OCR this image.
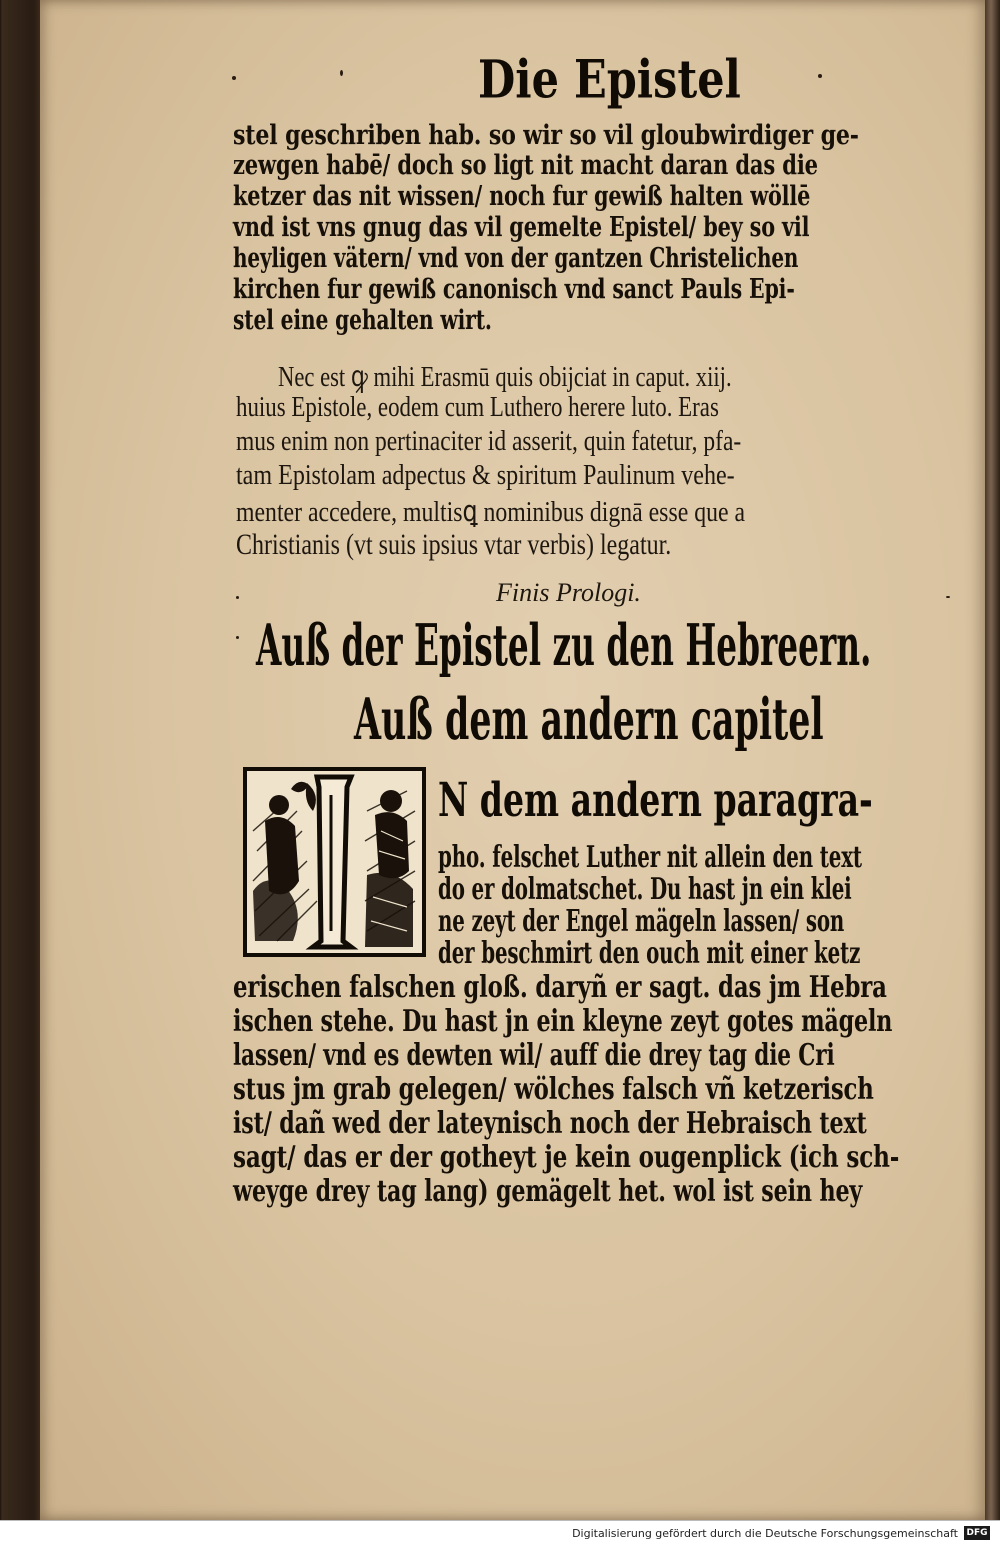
Die Epistel
stel geschriben hab. so wir so vil gloubwirdiger ge-
zewgen habē/ doch so ligt nit macht daran das die
ketzer das nit wissen/ noch fur gewiß halten wöllē
vnd ist vns gnug das vil gemelte Epistel/ bey so vil
heyligen vätern/ vnd von der gantzen Christelichen
kirchen fur gewiß canonisch vnd sanct Pauls Epi-
stel eine gehalten wirt.
Nec est ꝙ mihi Erasmū quis obijciat in caput. xiij.
huius Epistole, eodem cum Luthero herere luto. Eras
mus enim non pertinaciter id asserit, quin fatetur, pfa-
tam Epistolam adpectus & spiritum Paulinum vehe-
menter accedere, multisꝗ nominibus dignā esse que a
Christianis (vt suis ipsius vtar verbis) legatur.
Finis Prologi.
Auß der Epistel zu den Hebreern.
Auß dem andern capitel
N dem andern paragra-
pho. felschet Luther nit allein den text
do er dolmatschet. Du hast jn ein klei
ne zeyt der Engel mägeln lassen/ son
der beschmirt den ouch mit einer ketz
erischen falschen gloß. daryñ er sagt. das jm Hebra
ischen stehe. Du hast jn ein kleyne zeyt gotes mägeln
lassen/ vnd es dewten wil/ auff die drey tag die Cri
stus jm grab gelegen/ wölches falsch vñ ketzerisch
ist/ dañ wed der lateynisch noch der Hebraisch text
sagt/ das er der gotheyt je kein ougenplick (ich sch-
weyge drey tag lang) gemägelt het. wol ist sein hey
Digitalisierung gefördert durch die Deutsche Forschungsgemeinschaft DFG
